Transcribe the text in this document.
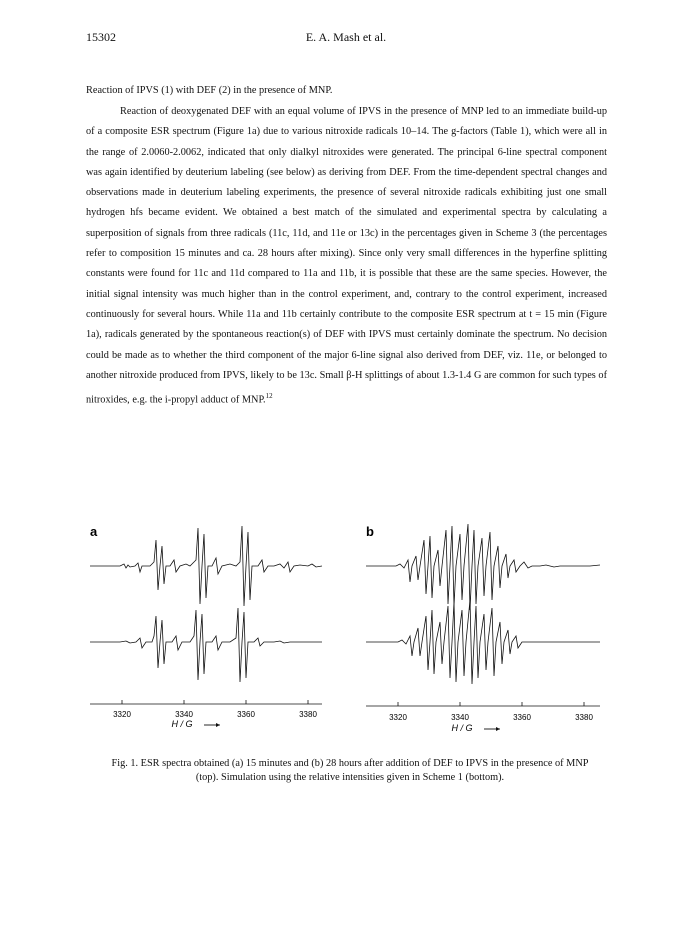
15302	E. A. Mash et al.
Reaction of IPVS (1) with DEF (2) in the presence of MNP.

Reaction of deoxygenated DEF with an equal volume of IPVS in the presence of MNP led to an immediate build-up of a composite ESR spectrum (Figure 1a) due to various nitroxide radicals 10–14. The g-factors (Table 1), which were all in the range of 2.0060-2.0062, indicated that only dialkyl nitroxides were generated. The principal 6-line spectral component was again identified by deuterium labeling (see below) as deriving from DEF. From the time-dependent spectral changes and observations made in deuterium labeling experiments, the presence of several nitroxide radicals exhibiting just one small hydrogen hfs became evident. We obtained a best match of the simulated and experimental spectra by calculating a superposition of signals from three radicals (11c, 11d, and 11e or 13c) in the percentages given in Scheme 3 (the percentages refer to composition 15 minutes and ca. 28 hours after mixing). Since only very small differences in the hyperfine splitting constants were found for 11c and 11d compared to 11a and 11b, it is possible that these are the same species. However, the initial signal intensity was much higher than in the control experiment, and, contrary to the control experiment, increased continuously for several hours. While 11a and 11b certainly contribute to the composite ESR spectrum at t = 15 min (Figure 1a), radicals generated by the spontaneous reaction(s) of DEF with IPVS must certainly dominate the spectrum. No decision could be made as to whether the third component of the major 6-line signal also derived from DEF, viz. 11e, or belonged to another nitroxide produced from IPVS, likely to be 13c. Small β-H splittings of about 1.3-1.4 G are common for such types of nitroxides, e.g. the i-propyl adduct of MNP.$^{12}$

a	b
3320	3340	3360	3380
H / G
3320	3340	3360	3380
H / G

Fig. 1. ESR spectra obtained (a) 15 minutes and (b) 28 hours after addition of DEF to IPVS in the presence of MNP (top). Simulation using the relative intensities given in Scheme 1 (bottom).
